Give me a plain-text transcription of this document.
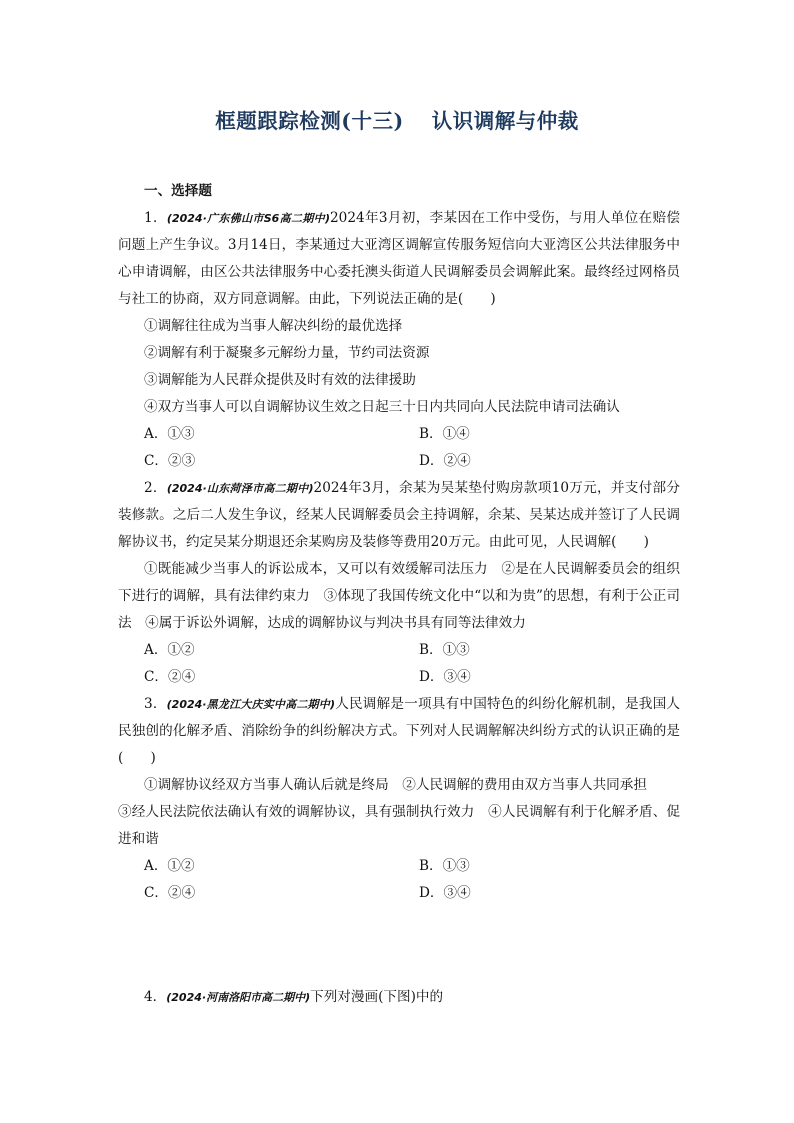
框题跟踪检测(十三) 认识调解与仲裁
一、选择题

1．(2024·广东佛山市S6高二期中)2024年3月初，李某因在工作中受伤，与用人单位在赔偿问题上产生争议。3月14日，李某通过大亚湾区调解宣传服务短信向大亚湾区公共法律服务中心申请调解，由区公共法律服务中心委托澳头街道人民调解委员会调解此案。最终经过网格员与社工的协商，双方同意调解。由此，下列说法正确的是(　　)

①调解往往成为当事人解决纠纷的最优选择

②调解有利于凝聚多元解纷力量，节约司法资源

③调解能为人民群众提供及时有效的法律援助

④双方当事人可以自调解协议生效之日起三十日内共同向人民法院申请司法确认

A．①③	B．①④
C．②③	D．②④

2．(2024·山东菏泽市高二期中)2024年3月，余某为吴某垫付购房款项10万元，并支付部分装修款。之后二人发生争议，经某人民调解委员会主持调解，余某、吴某达成并签订了人民调解协议书，约定吴某分期退还余某购房及装修等费用20万元。由此可见，人民调解(　　)

①既能减少当事人的诉讼成本，又可以有效缓解司法压力　②是在人民调解委员会的组织下进行的调解，具有法律约束力　③体现了我国传统文化中“以和为贵”的思想，有利于公正司法　④属于诉讼外调解，达成的调解协议与判决书具有同等法律效力

A．①②	B．①③
C．②④	D．③④

3．(2024·黑龙江大庆实中高二期中)人民调解是一项具有中国特色的纠纷化解机制，是我国人民独创的化解矛盾、消除纷争的纠纷解决方式。下列对人民调解解决纠纷方式的认识正确的是(　　)

①调解协议经双方当事人确认后就是终局　②人民调解的费用由双方当事人共同承担

③经人民法院依法确认有效的调解协议，具有强制执行效力　④人民调解有利于化解矛盾、促进和谐

A．①②	B．①③
C．②④	D．③④

4．(2024·河南洛阳市高二期中)下列对漫画(下图)中的
